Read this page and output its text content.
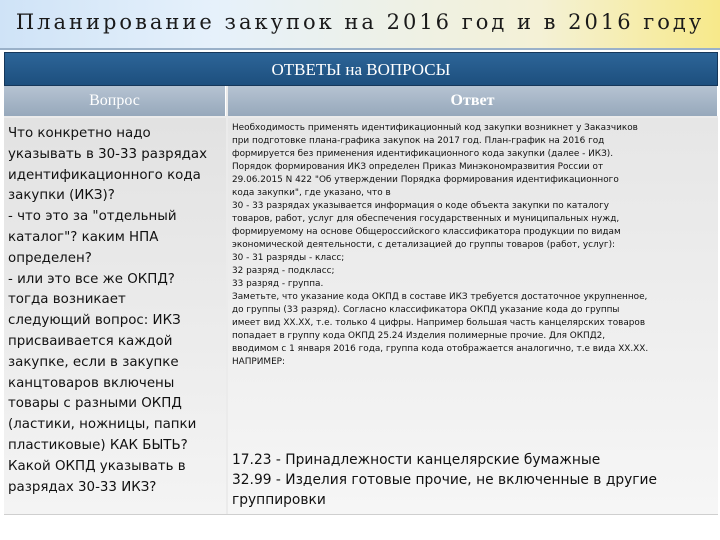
Планирование закупок на 2016 год и в 2016 году
ОТВЕТЫ на ВОПРОСЫ
Вопрос	Ответ
Что конкретно надо
указывать в 30-33 разрядах
идентификационного кода
закупки (ИКЗ)?
- что это за "отдельный
каталог"? каким НПА
определен?
- или это все же ОКПД?
тогда возникает
следующий вопрос: ИКЗ
присваивается каждой
закупке, если в закупке
канцтоваров включены
товары с разными ОКПД
(ластики, ножницы, папки
пластиковые) КАК БЫТЬ?
Какой ОКПД указывать в
разрядах 30-33 ИКЗ?
Необходимость применять идентификационный код закупки возникнет у Заказчиков
при подготовке плана-графика закупок на 2017 год. План-график на 2016 год
формируется без применения идентификационного кода закупки (далее - ИКЗ).
Порядок формирования ИКЗ определен Приказ Минэкономразвития России от
29.06.2015 N 422 "Об утверждении Порядка формирования идентификационного
кода закупки", где указано, что в
30 - 33 разрядах указывается информация о коде объекта закупки по каталогу
товаров, работ, услуг для обеспечения государственных и муниципальных нужд,
формируемому на основе Общероссийского классификатора продукции по видам
экономической деятельности, с детализацией до группы товаров (работ, услуг):
30 - 31 разряды - класс;
32 разряд - подкласс;
33 разряд - группа.
Заметьте, что указание кода ОКПД в составе ИКЗ требуется достаточное укрупненное,
до группы (33 разряд). Согласно классификатора ОКПД указание кода до группы
имеет вид XX.XX, т.е. только 4 цифры. Например большая часть канцелярских товаров
попадает в группу кода ОКПД 25.24 Изделия полимерные прочие. Для ОКПД2,
вводимом с 1 января 2016 года, группа кода отображается аналогично, т.е вида XX.XX.
НАПРИМЕР:
17.23 - Принадлежности канцелярские бумажные
32.99 - Изделия готовые прочие, не включенные в другие
группировки
